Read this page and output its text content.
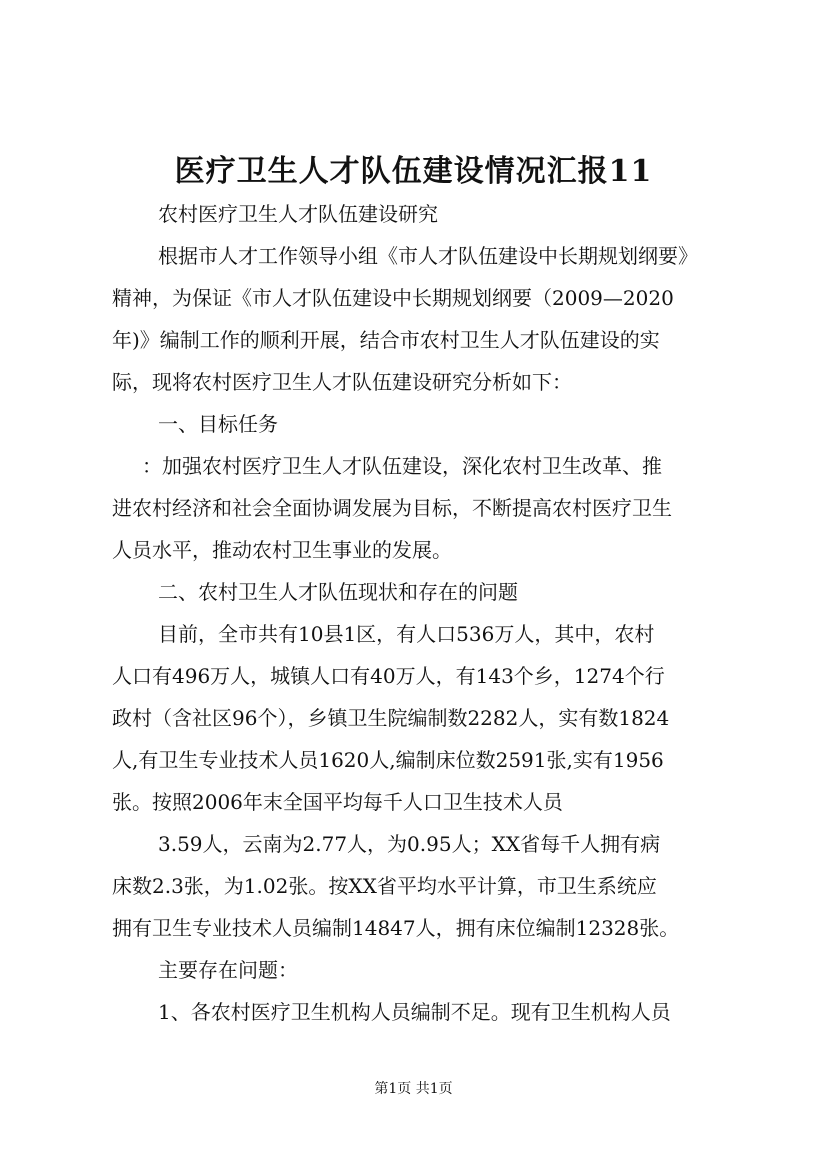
医疗卫生人才队伍建设情况汇报11
农村医疗卫生人才队伍建设研究
根据市人才工作领导小组《市人才队伍建设中长期规划纲要》
精神，为保证《市人才队伍建设中长期规划纲要（2009—2020
年)》编制工作的顺利开展，结合市农村卫生人才队伍建设的实
际，现将农村医疗卫生人才队伍建设研究分析如下：
一、目标任务
：加强农村医疗卫生人才队伍建设，深化农村卫生改革、推
进农村经济和社会全面协调发展为目标，不断提高农村医疗卫生
人员水平，推动农村卫生事业的发展。
二、农村卫生人才队伍现状和存在的问题
目前，全市共有10县1区，有人口536万人，其中，农村
人口有496万人，城镇人口有40万人，有143个乡，1274个行
政村（含社区96个），乡镇卫生院编制数2282人，实有数1824
人,有卫生专业技术人员1620人,编制床位数2591张,实有1956
张。按照2006年末全国平均每千人口卫生技术人员
3.59人，云南为2.77人，为0.95人；XX省每千人拥有病
床数2.3张，为1.02张。按XX省平均水平计算，市卫生系统应
拥有卫生专业技术人员编制14847人，拥有床位编制12328张。
主要存在问题：
1、各农村医疗卫生机构人员编制不足。现有卫生机构人员
第1页 共1页
